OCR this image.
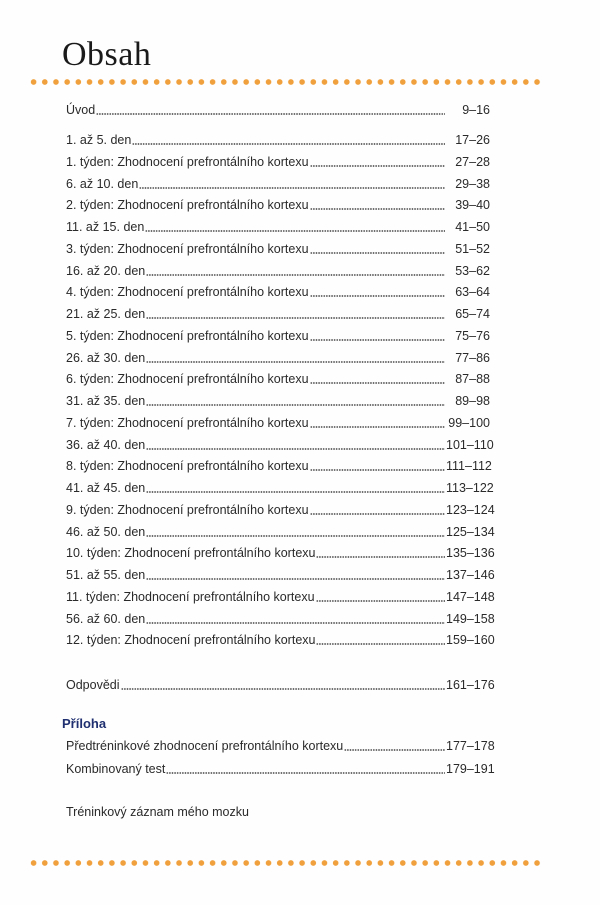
Obsah
Úvod	9–16
1. až 5. den	17–26
1. týden: Zhodnocení prefrontálního kortexu	27–28
6. až 10. den	29–38
2. týden: Zhodnocení prefrontálního kortexu	39–40
11. až 15. den	41–50
3. týden: Zhodnocení prefrontálního kortexu	51–52
16. až 20. den	53–62
4. týden: Zhodnocení prefrontálního kortexu	63–64
21. až 25. den	65–74
5. týden: Zhodnocení prefrontálního kortexu	75–76
26. až 30. den	77–86
6. týden: Zhodnocení prefrontálního kortexu	87–88
31. až 35. den	89–98
7. týden: Zhodnocení prefrontálního kortexu	99–100
36. až 40. den	101–110
8. týden: Zhodnocení prefrontálního kortexu	111–112
41. až 45. den	113–122
9. týden: Zhodnocení prefrontálního kortexu	123–124
46. až 50. den	125–134
10. týden: Zhodnocení prefrontálního kortexu	135–136
51. až 55. den	137–146
11. týden: Zhodnocení prefrontálního kortexu	147–148
56. až 60. den	149–158
12. týden: Zhodnocení prefrontálního kortexu	159–160
Odpovědi	161–176
Příloha
Předtréninkové zhodnocení prefrontálního kortexu	177–178
Kombinovaný test	179–191
Tréninkový záznam mého mozku
